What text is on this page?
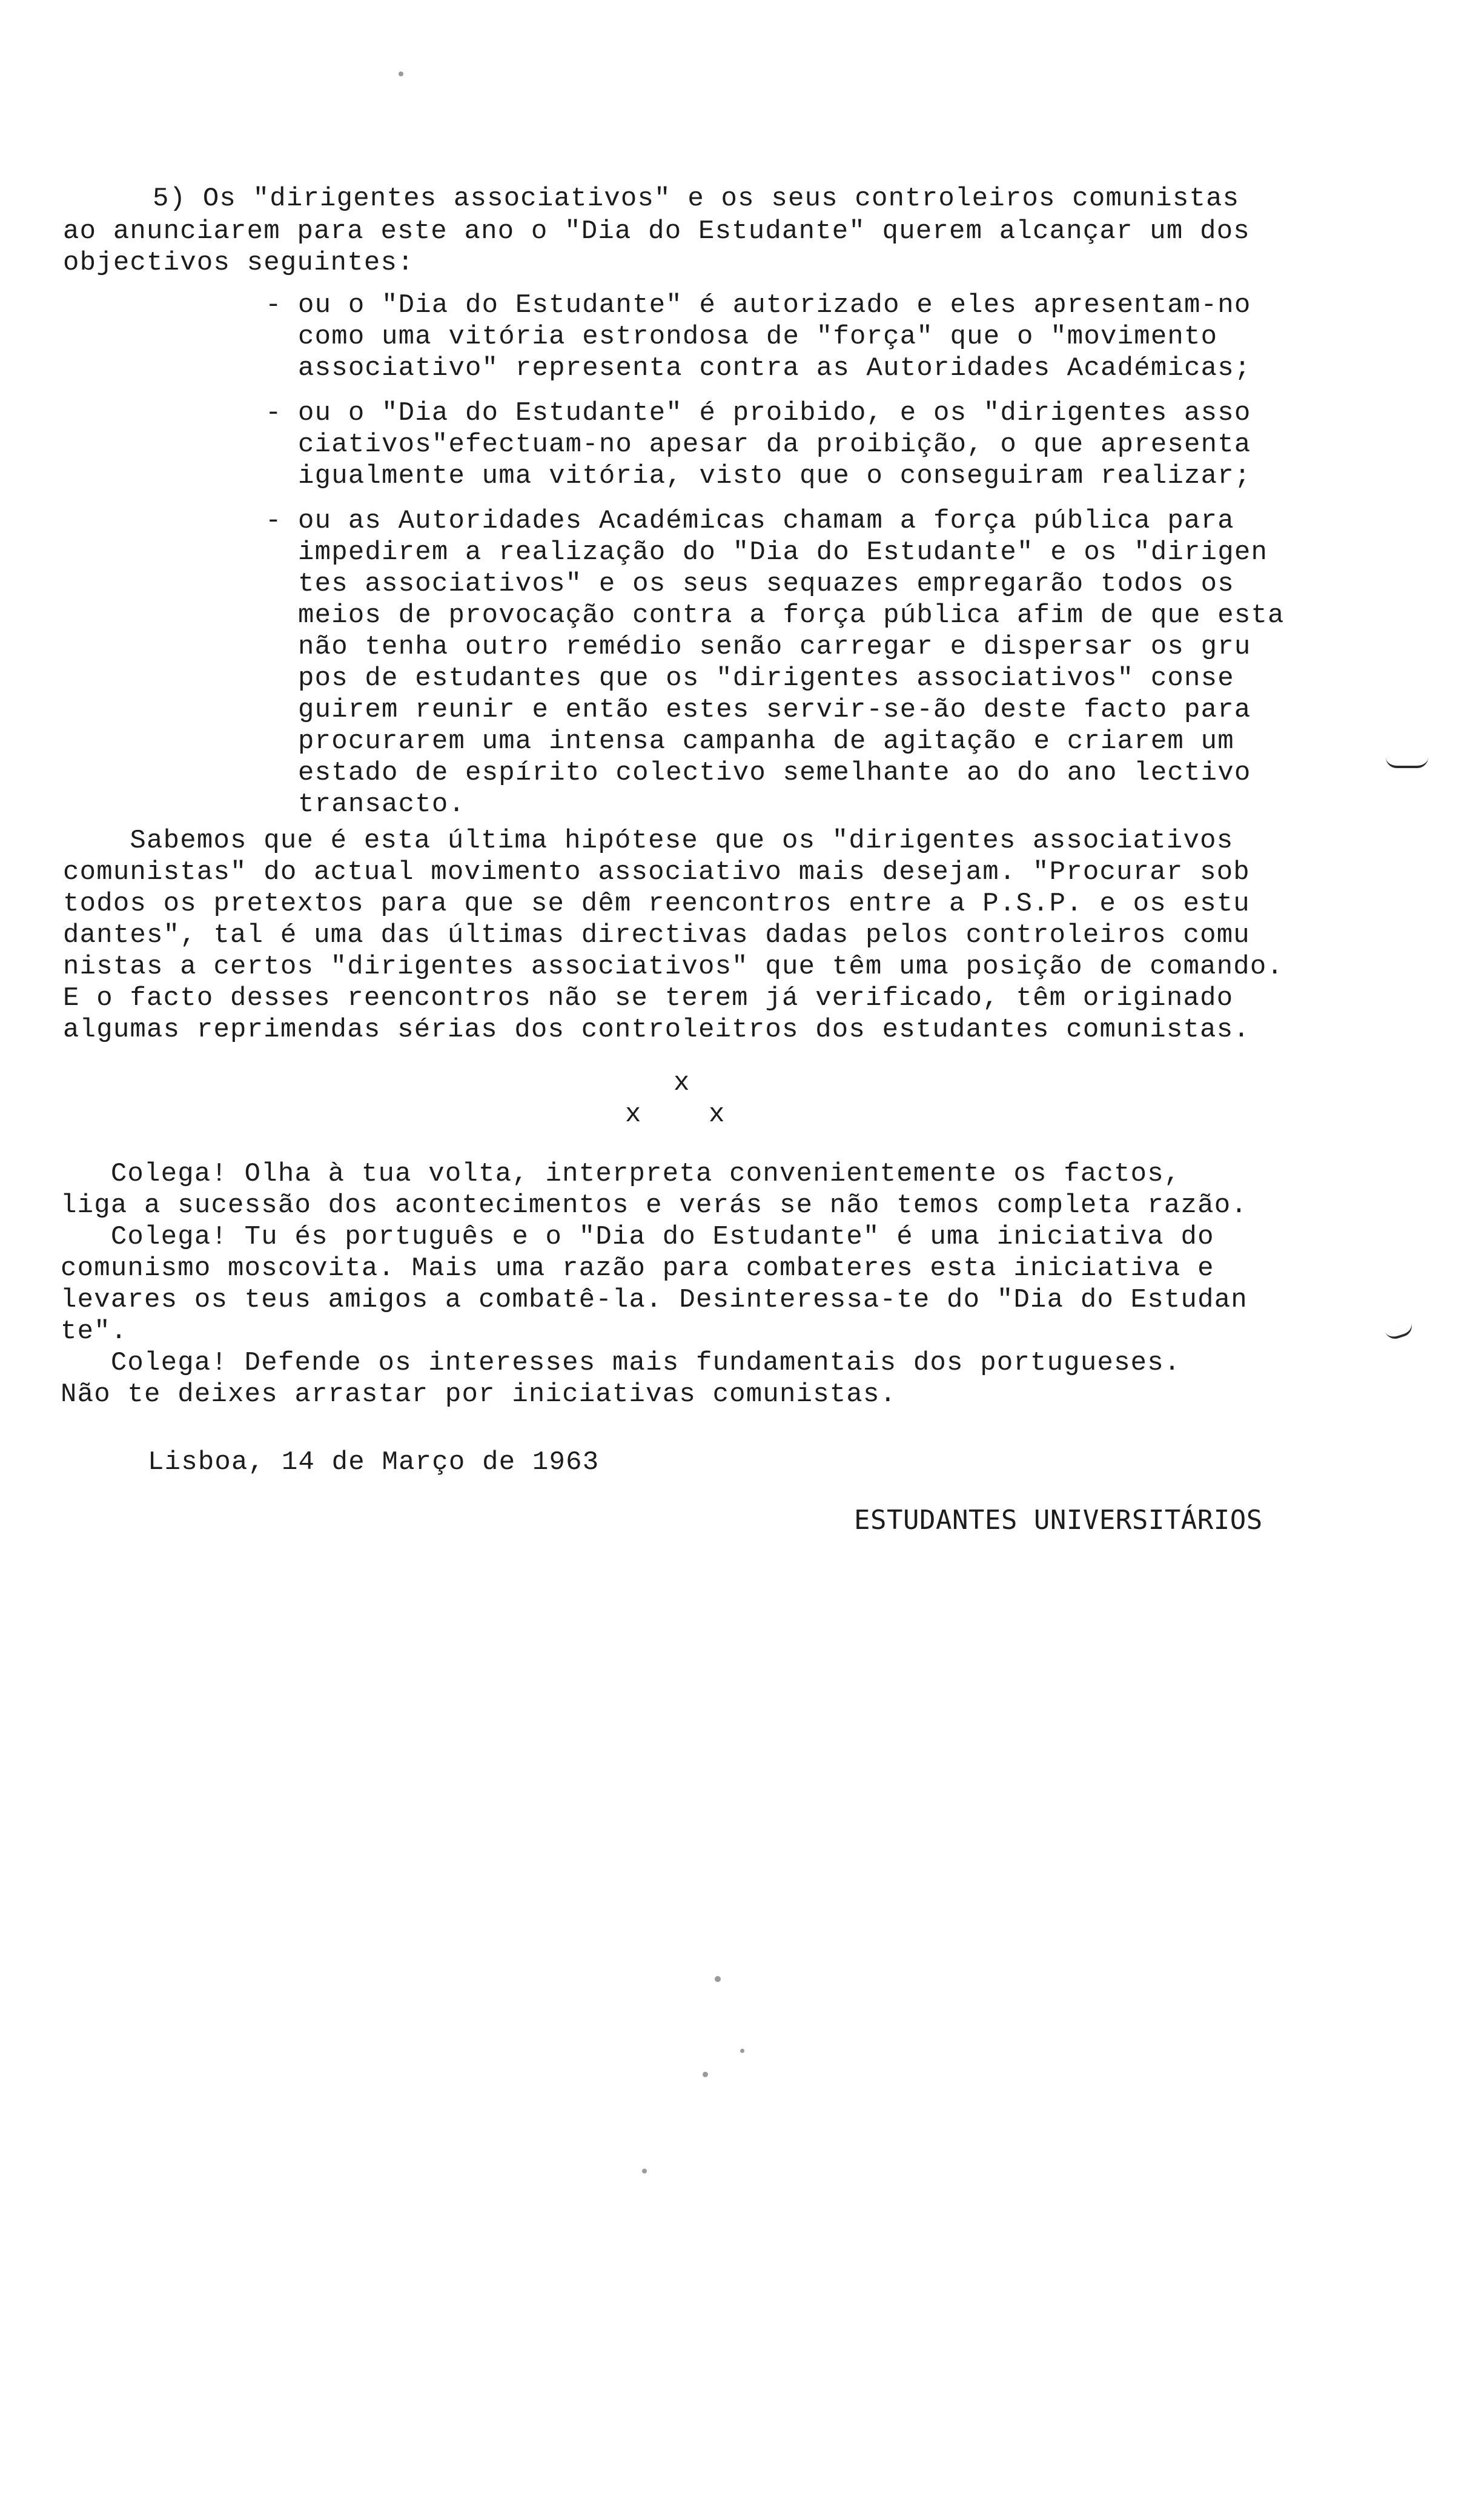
5) Os "dirigentes associativos" e os seus controleiros comunistas
ao anunciarem para este ano o "Dia do Estudante" querem alcançar um dos
objectivos seguintes:
- ou o "Dia do Estudante" é autorizado e eles apresentam-no
como uma vitória estrondosa de "força" que o "movimento
associativo" representa contra as Autoridades Académicas;
- ou o "Dia do Estudante" é proibido, e os "dirigentes asso
ciativos"efectuam-no apesar da proibição, o que apresenta
igualmente uma vitória, visto que o conseguiram realizar;
- ou as Autoridades Académicas chamam a força pública para
impedirem a realização do "Dia do Estudante" e os "dirigen
tes associativos" e os seus sequazes empregarão todos os
meios de provocação contra a força pública afim de que esta
não tenha outro remédio senão carregar e dispersar os gru
pos de estudantes que os "dirigentes associativos" conse
guirem reunir e então estes servir-se-ão deste facto para
procurarem uma intensa campanha de agitação e criarem um
estado de espírito colectivo semelhante ao do ano lectivo
transacto.
Sabemos que é esta última hipótese que os "dirigentes associativos
comunistas" do actual movimento associativo mais desejam. "Procurar sob
todos os pretextos para que se dêm reencontros entre a P.S.P. e os estu
dantes", tal é uma das últimas directivas dadas pelos controleiros comu
nistas a certos "dirigentes associativos" que têm uma posição de comando.
E o facto desses reencontros não se terem já verificado, têm originado
algumas reprimendas sérias dos controleitros dos estudantes comunistas.
x
x    x
Colega! Olha à tua volta, interpreta convenientemente os factos,
liga a sucessão dos acontecimentos e verás se não temos completa razão.
Colega! Tu és português e o "Dia do Estudante" é uma iniciativa do
comunismo moscovita. Mais uma razão para combateres esta iniciativa e
levares os teus amigos a combatê-la. Desinteressa-te do "Dia do Estudan
te".
Colega! Defende os interesses mais fundamentais dos portugueses.
Não te deixes arrastar por iniciativas comunistas.
Lisboa, 14 de Março de 1963
ESTUDANTES UNIVERSITÁRIOS
